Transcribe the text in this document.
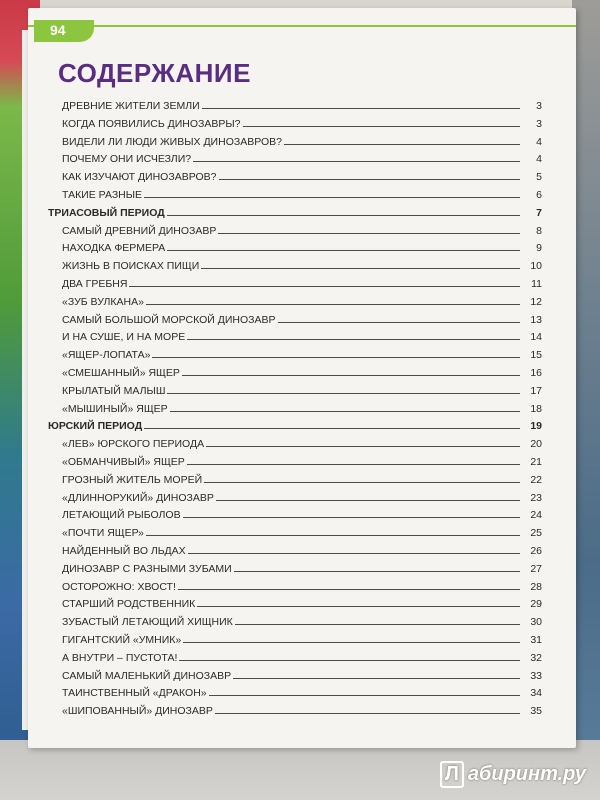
94
СОДЕРЖАНИЕ
ДРЕВНИЕ ЖИТЕЛИ ЗЕМЛИ	3
КОГДА ПОЯВИЛИСЬ ДИНОЗАВРЫ?	3
ВИДЕЛИ ЛИ ЛЮДИ ЖИВЫХ ДИНОЗАВРОВ?	4
ПОЧЕМУ ОНИ ИСЧЕЗЛИ?	4
КАК ИЗУЧАЮТ ДИНОЗАВРОВ?	5
ТАКИЕ РАЗНЫЕ	6
ТРИАСОВЫЙ ПЕРИОД	7
САМЫЙ ДРЕВНИЙ ДИНОЗАВР	8
НАХОДКА ФЕРМЕРА	9
ЖИЗНЬ В ПОИСКАХ ПИЩИ	10
ДВА ГРЕБНЯ	11
«ЗУБ ВУЛКАНА»	12
САМЫЙ БОЛЬШОЙ МОРСКОЙ ДИНОЗАВР	13
И НА СУШЕ, И НА МОРЕ	14
«ЯЩЕР-ЛОПАТА»	15
«СМЕШАННЫЙ» ЯЩЕР	16
КРЫЛАТЫЙ МАЛЫШ	17
«МЫШИНЫЙ» ЯЩЕР	18
ЮРСКИЙ ПЕРИОД	19
«ЛЕВ» ЮРСКОГО ПЕРИОДА	20
«ОБМАНЧИВЫЙ» ЯЩЕР	21
ГРОЗНЫЙ ЖИТЕЛЬ МОРЕЙ	22
«ДЛИННОРУКИЙ» ДИНОЗАВР	23
ЛЕТАЮЩИЙ РЫБОЛОВ	24
«ПОЧТИ ЯЩЕР»	25
НАЙДЕННЫЙ ВО ЛЬДАХ	26
ДИНОЗАВР С РАЗНЫМИ ЗУБАМИ	27
ОСТОРОЖНО: ХВОСТ!	28
СТАРШИЙ РОДСТВЕННИК	29
ЗУБАСТЫЙ ЛЕТАЮЩИЙ ХИЩНИК	30
ГИГАНТСКИЙ «УМНИК»	31
А ВНУТРИ – ПУСТОТА!	32
САМЫЙ МАЛЕНЬКИЙ ДИНОЗАВР	33
ТАИНСТВЕННЫЙ «ДРАКОН»	34
«ШИПОВАННЫЙ» ДИНОЗАВР	35
Л абиринт.ру
